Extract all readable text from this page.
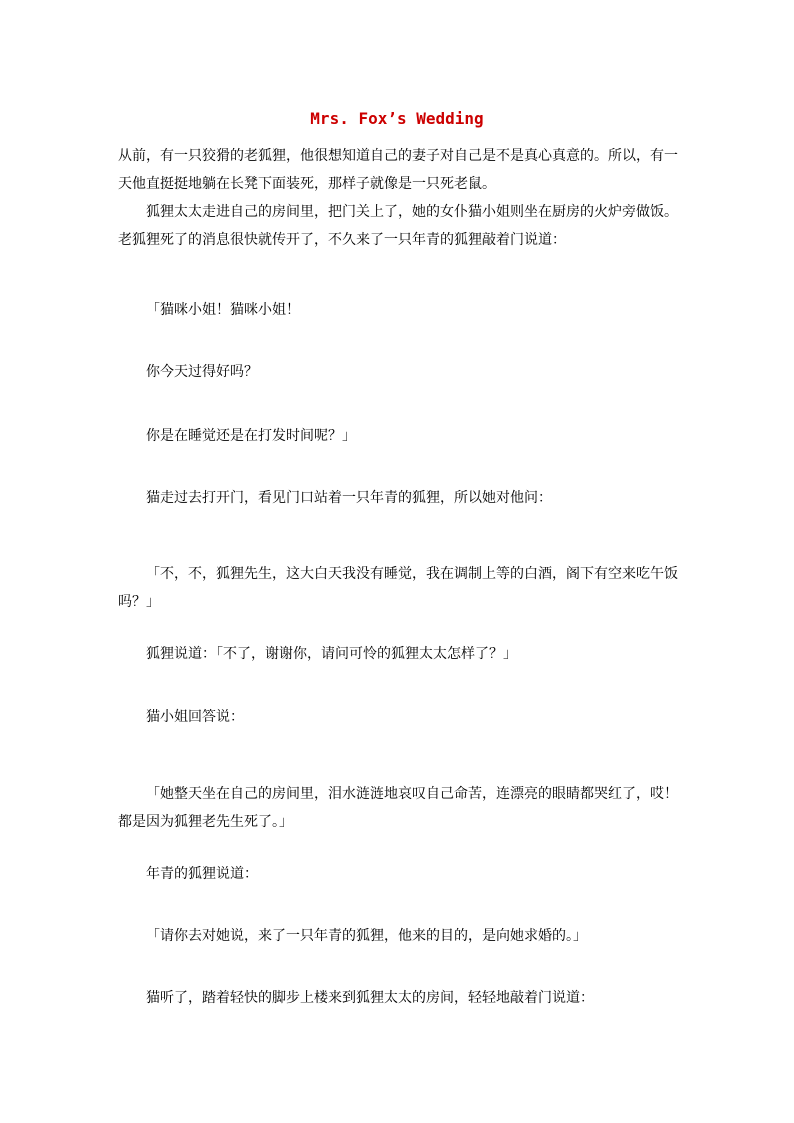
Mrs. Fox’s Wedding

从前，有一只狡猾的老狐狸，他很想知道自己的妻子对自己是不是真心真意的。所以，有一天他直挺挺地躺在长凳下面装死，那样子就像是一只死老鼠。

狐狸太太走进自己的房间里，把门关上了，她的女仆猫小姐则坐在厨房的火炉旁做饭。老狐狸死了的消息很快就传开了，不久来了一只年青的狐狸敲着门说道：

「猫咪小姐！猫咪小姐！

你今天过得好吗？

你是在睡觉还是在打发时间呢？」

猫走过去打开门，看见门口站着一只年青的狐狸，所以她对他问：

「不，不，狐狸先生，这大白天我没有睡觉，我在调制上等的白酒，阁下有空来吃午饭吗？」

狐狸说道：「不了，谢谢你，请问可怜的狐狸太太怎样了？」

猫小姐回答说：

「她整天坐在自己的房间里，泪水涟涟地哀叹自己命苦，连漂亮的眼睛都哭红了，哎！都是因为狐狸老先生死了。」

年青的狐狸说道：

「请你去对她说，来了一只年青的狐狸，他来的目的，是向她求婚的。」

猫听了，踏着轻快的脚步上楼来到狐狸太太的房间，轻轻地敲着门说道：
